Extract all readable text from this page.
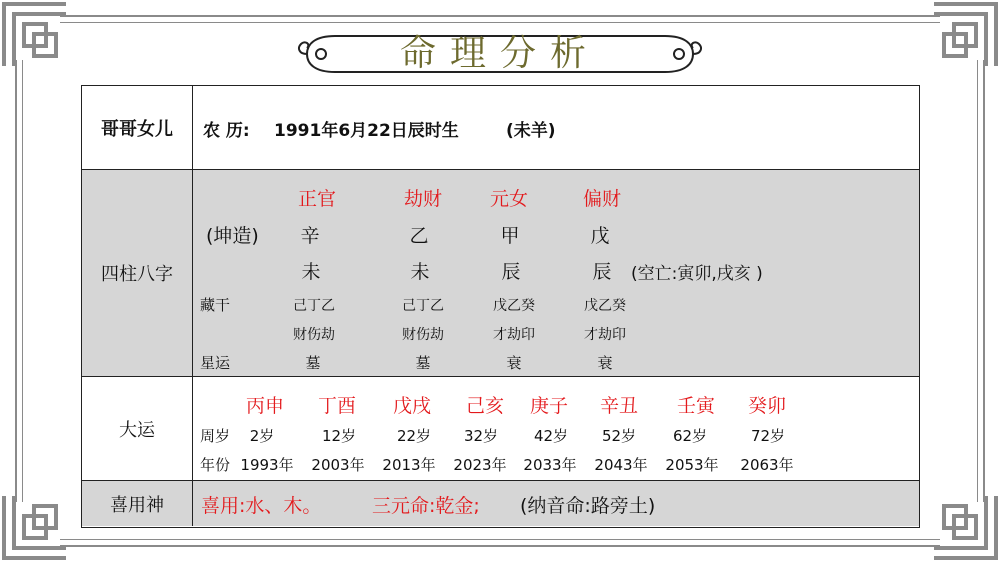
命理分析
哥哥女儿	农 历: 1991年6月22日辰时生	(未羊)
四柱八字
正官	劫财	元女	偏财
(坤造) 辛	乙	甲	戊
未	未	辰	辰 (空亡:寅卯,戌亥 )
藏干	己丁乙	己丁乙	戊乙癸	戊乙癸
财伤劫	财伤劫	才劫印	才劫印
星运	墓	墓	衰	衰
大运
丙申 丁酉 戊戌 己亥 庚子 辛丑 壬寅 癸卯
周岁 2岁	12岁	22岁 32岁 42岁 52岁 62岁	72岁
年份 1993年 2003年 2013年 2023年 2033年 2043年 2053年 2063年
喜用神	喜用:水、木。	三元命:乾金; (纳音命:路旁土)
